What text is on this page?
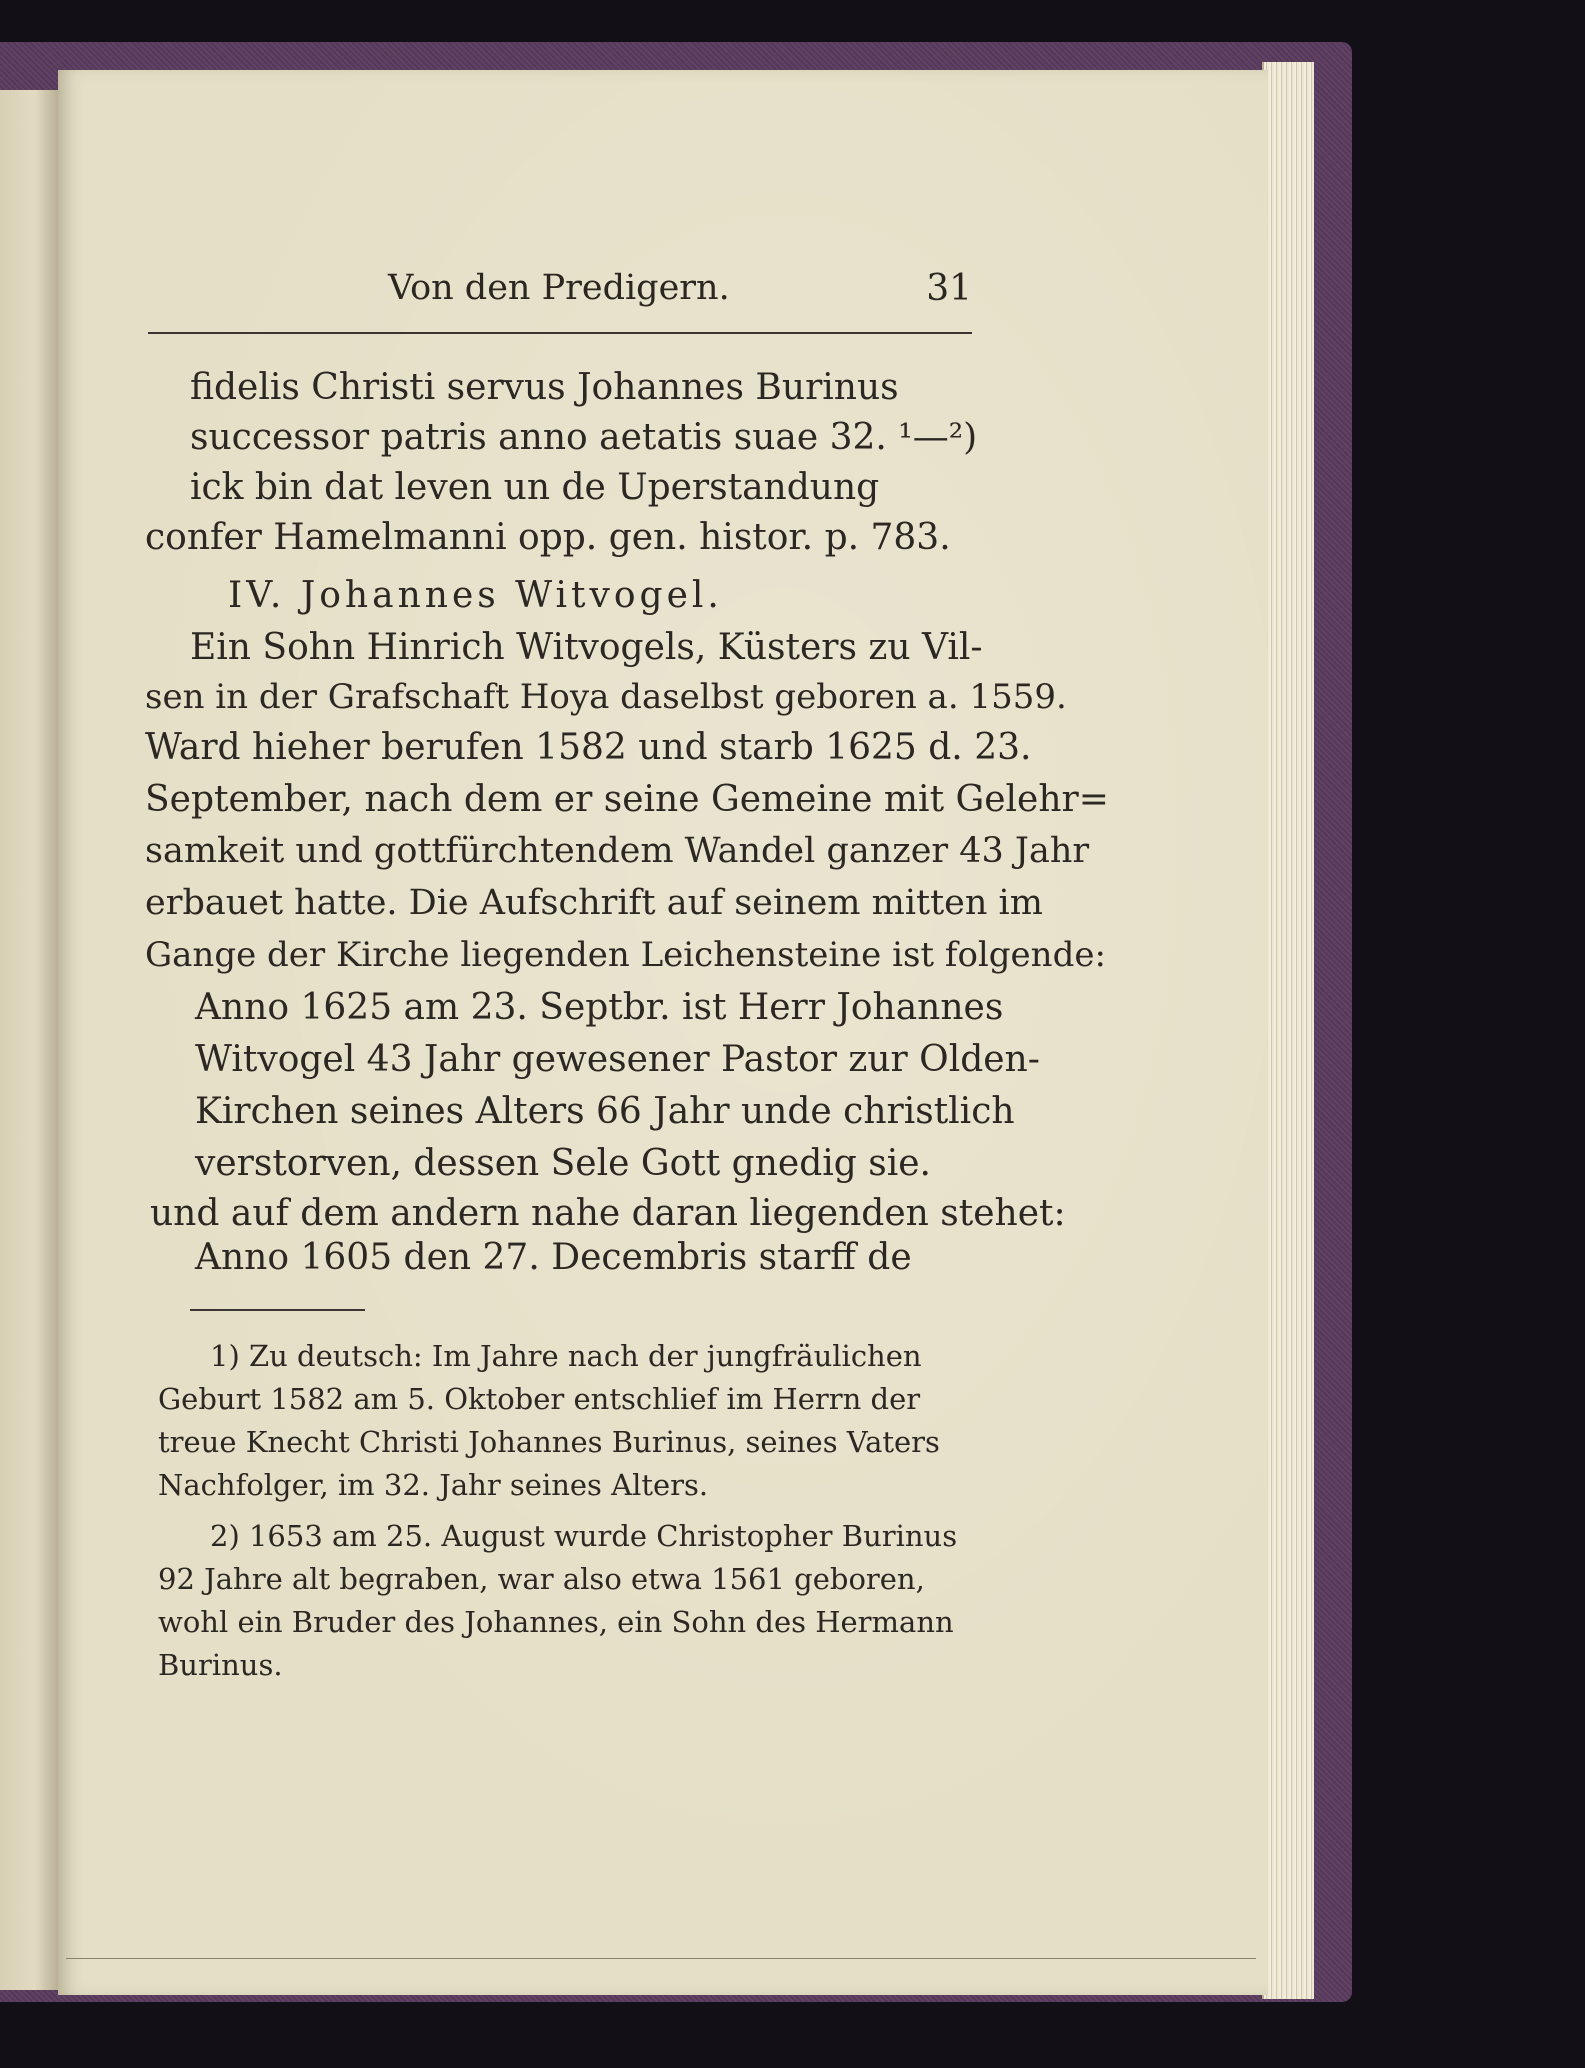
Von den Predigern.	31
fidelis Christi servus Johannes Burinus
successor patris anno aetatis suae 32. ¹—²)
ick bin dat leven un de Uperstandung
confer Hamelmanni opp. gen. histor. p. 783.
IV. Johannes Witvogel.
Ein Sohn Hinrich Witvogels, Küsters zu Vil-
sen in der Grafschaft Hoya daselbst geboren a. 1559.
Ward hieher berufen 1582 und starb 1625 d. 23.
September, nach dem er seine Gemeine mit Gelehr=
samkeit und gottfürchtendem Wandel ganzer 43 Jahr
erbauet hatte. Die Aufschrift auf seinem mitten im
Gange der Kirche liegenden Leichensteine ist folgende:
Anno 1625 am 23. Septbr. ist Herr Johannes
Witvogel 43 Jahr gewesener Pastor zur Olden-
Kirchen seines Alters 66 Jahr unde christlich
verstorven, dessen Sele Gott gnedig sie.
und auf dem andern nahe daran liegenden stehet:
Anno 1605 den 27. Decembris starff de
1) Zu deutsch: Im Jahre nach der jungfräulichen
Geburt 1582 am 5. Oktober entschlief im Herrn der
treue Knecht Christi Johannes Burinus, seines Vaters
Nachfolger, im 32. Jahr seines Alters.
2) 1653 am 25. August wurde Christopher Burinus
92 Jahre alt begraben, war also etwa 1561 geboren,
wohl ein Bruder des Johannes, ein Sohn des Hermann
Burinus.
